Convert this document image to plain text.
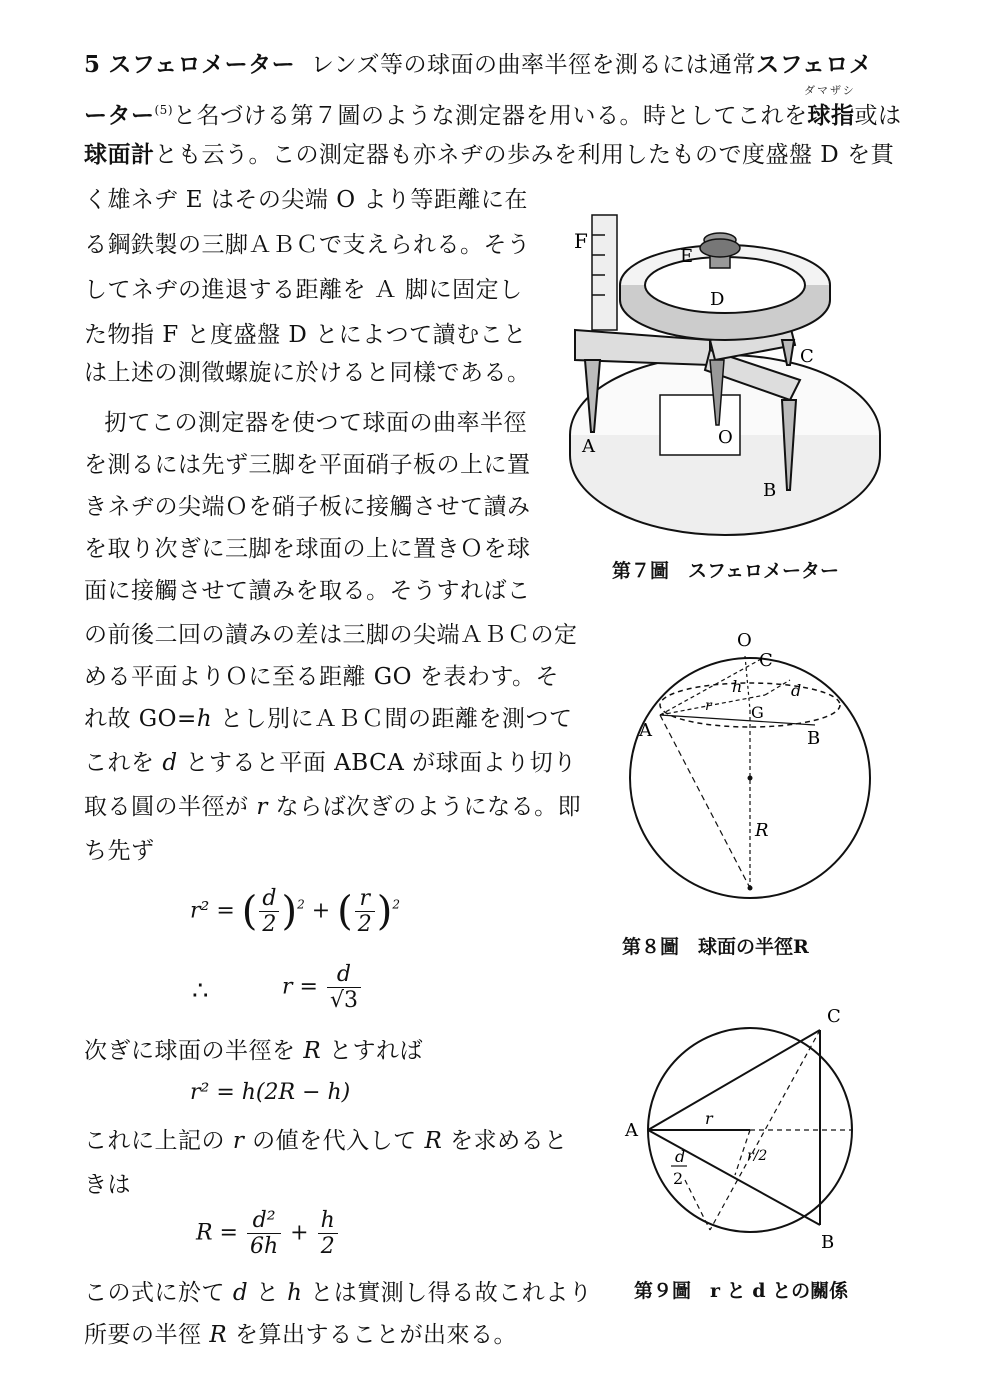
5 スフェロメーター レンズ等の球面の曲率半徑を測るには通常スフェロメ
ーター$^{(5)}$と名づける第７圖のような測定器を用いる。時としてこれを球指或は
ダマザシ
球面計とも云う。この測定器も亦ネヂの歩みを利用したもので度盛盤 D を貫
く雄ネヂ E はその尖端 O より等距離に在
る鋼鉄製の三脚ＡＢＣで支えられる。そう
してネヂの進退する距離を Ａ 脚に固定し
た物指 F と度盛盤 D とによつて讀むこと
は上述の測徵螺旋に於けると同樣である。
扨てこの測定器を使つて球面の曲率半徑
を測るには先ず三脚を平面硝子板の上に置
きネヂの尖端Ｏを硝子板に接觸させて讀み
を取り次ぎに三脚を球面の上に置きＯを球
面に接觸させて讀みを取る。そうすればこ
の前後二回の讀みの差は三脚の尖端ＡＢＣの定
める平面よりＯに至る距離 GO を表わす。そ
れ故 GO=h とし別にＡＢＣ間の距離を測つて
これを d とすると平面 ABCA が球面より切り
取る圓の半徑が r ならば次ぎのようになる。即
ち先ず
r² = ( $\frac{d}{2} )^2$ + ( $\frac{r}{2} )^2$
∴	$r = \frac{d}{√3}$
次ぎに球面の半徑を R とすれば
r² = h(2R − h)
これに上記の r の値を代入して R を求めると
きは
$R = \frac{\text{d²}}{6h} + \frac{h}{2}$
この式に於て d と h とは實測し得る故これより
所要の半徑 R を算出することが出來る。
F
E
D
C
A	O
B
第７圖　スフェロメーター
O
C
h	d
r G
A	B
R
第８圖　球面の半徑R
C
A
r
r/2
d
2
B
第９圖　r と d との關係
